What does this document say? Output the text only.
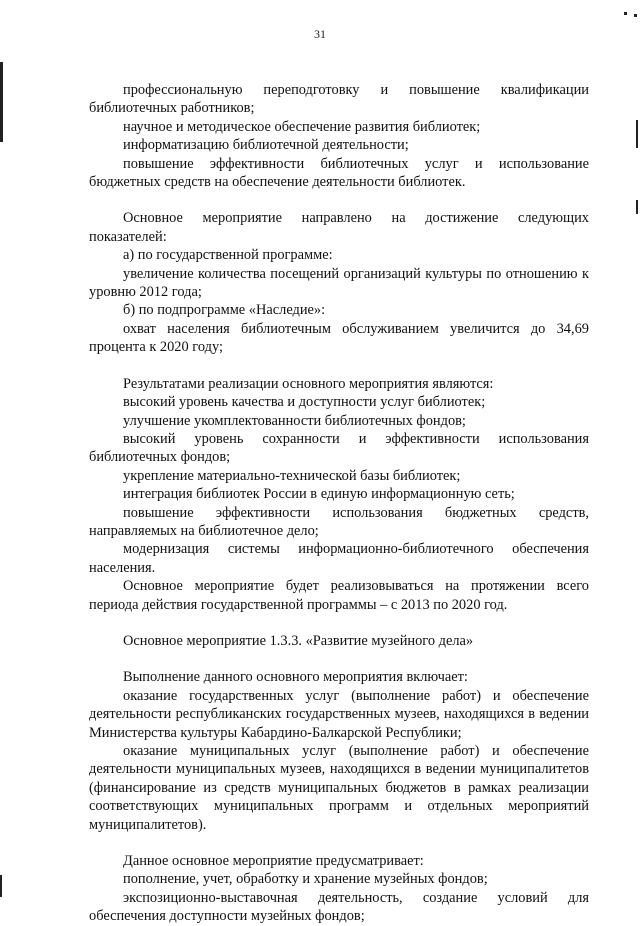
31

профессиональную переподготовку и повышение квалификации библиотечных работников;

научное и методическое обеспечение развития библиотек;

информатизацию библиотечной деятельности;

повышение эффективности библиотечных услуг и использование бюджетных средств на обеспечение деятельности библиотек.

Основное мероприятие направлено на достижение следующих показателей:

а) по государственной программе:

увеличение количества посещений организаций культуры по отношению к уровню 2012 года;

б) по подпрограмме «Наследие»:

охват населения библиотечным обслуживанием увеличится до 34,69 процента к 2020 году;

Результатами реализации основного мероприятия являются:

высокий уровень качества и доступности услуг библиотек;

улучшение укомплектованности библиотечных фондов;

высокий уровень сохранности и эффективности использования библиотечных фондов;

укрепление материально-технической базы библиотек;

интеграция библиотек России в единую информационную сеть;

повышение эффективности использования бюджетных средств, направляемых на библиотечное дело;

модернизация системы информационно-библиотечного обеспечения населения.

Основное мероприятие будет реализовываться на протяжении всего периода действия государственной программы – с 2013 по 2020 год.

Основное мероприятие 1.3.3. «Развитие музейного дела»

Выполнение данного основного мероприятия включает:

оказание государственных услуг (выполнение работ) и обеспечение деятельности республиканских государственных музеев, находящихся в ведении Министерства культуры Кабардино-Балкарской Республики;

оказание муниципальных услуг (выполнение работ) и обеспечение деятельности муниципальных музеев, находящихся в ведении муниципалитетов (финансирование из средств муниципальных бюджетов в рамках реализации соответствующих муниципальных программ и отдельных мероприятий муниципалитетов).

Данное основное мероприятие предусматривает:

пополнение, учет, обработку и хранение музейных фондов;

экспозиционно-выставочная деятельность, создание условий для обеспечения доступности музейных фондов;
